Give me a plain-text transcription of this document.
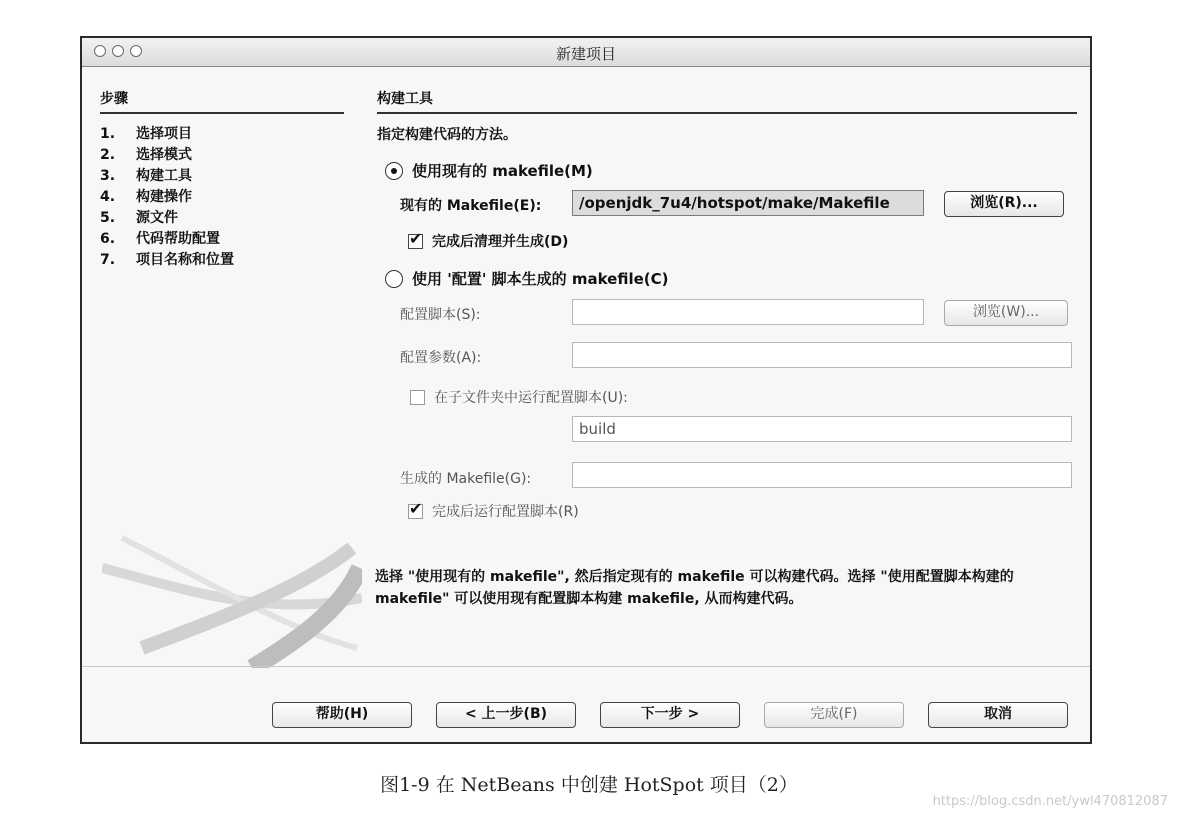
新建项目
步骤
1. 选择项目
2. 选择模式
3. 构建工具
4. 构建操作
5. 源文件
6. 代码帮助配置
7. 项目名称和位置
构建工具
指定构建代码的方法。
使用现有的 makefile(M)
现有的 Makefile(E):	/openjdk_7u4/hotspot/make/Makefile	浏览(R)...
✔
完成后清理并生成(D)
使用 '配置' 脚本生成的 makefile(C)
配置脚本(S):	浏览(W)...
配置参数(A):
在子文件夹中运行配置脚本(U):
build
生成的 Makefile(G):
✔
完成后运行配置脚本(R)
选择 "使用现有的 makefile", 然后指定现有的 makefile 可以构建代码。选择 "使用配置脚本构建的 makefile" 可以使用现有配置脚本构建 makefile, 从而构建代码。
帮助(H)	< 上一步(B)	下一步 >	完成(F)	取消
图1-9 在 NetBeans 中创建 HotSpot 项目（2）
https://blog.csdn.net/ywl470812087
